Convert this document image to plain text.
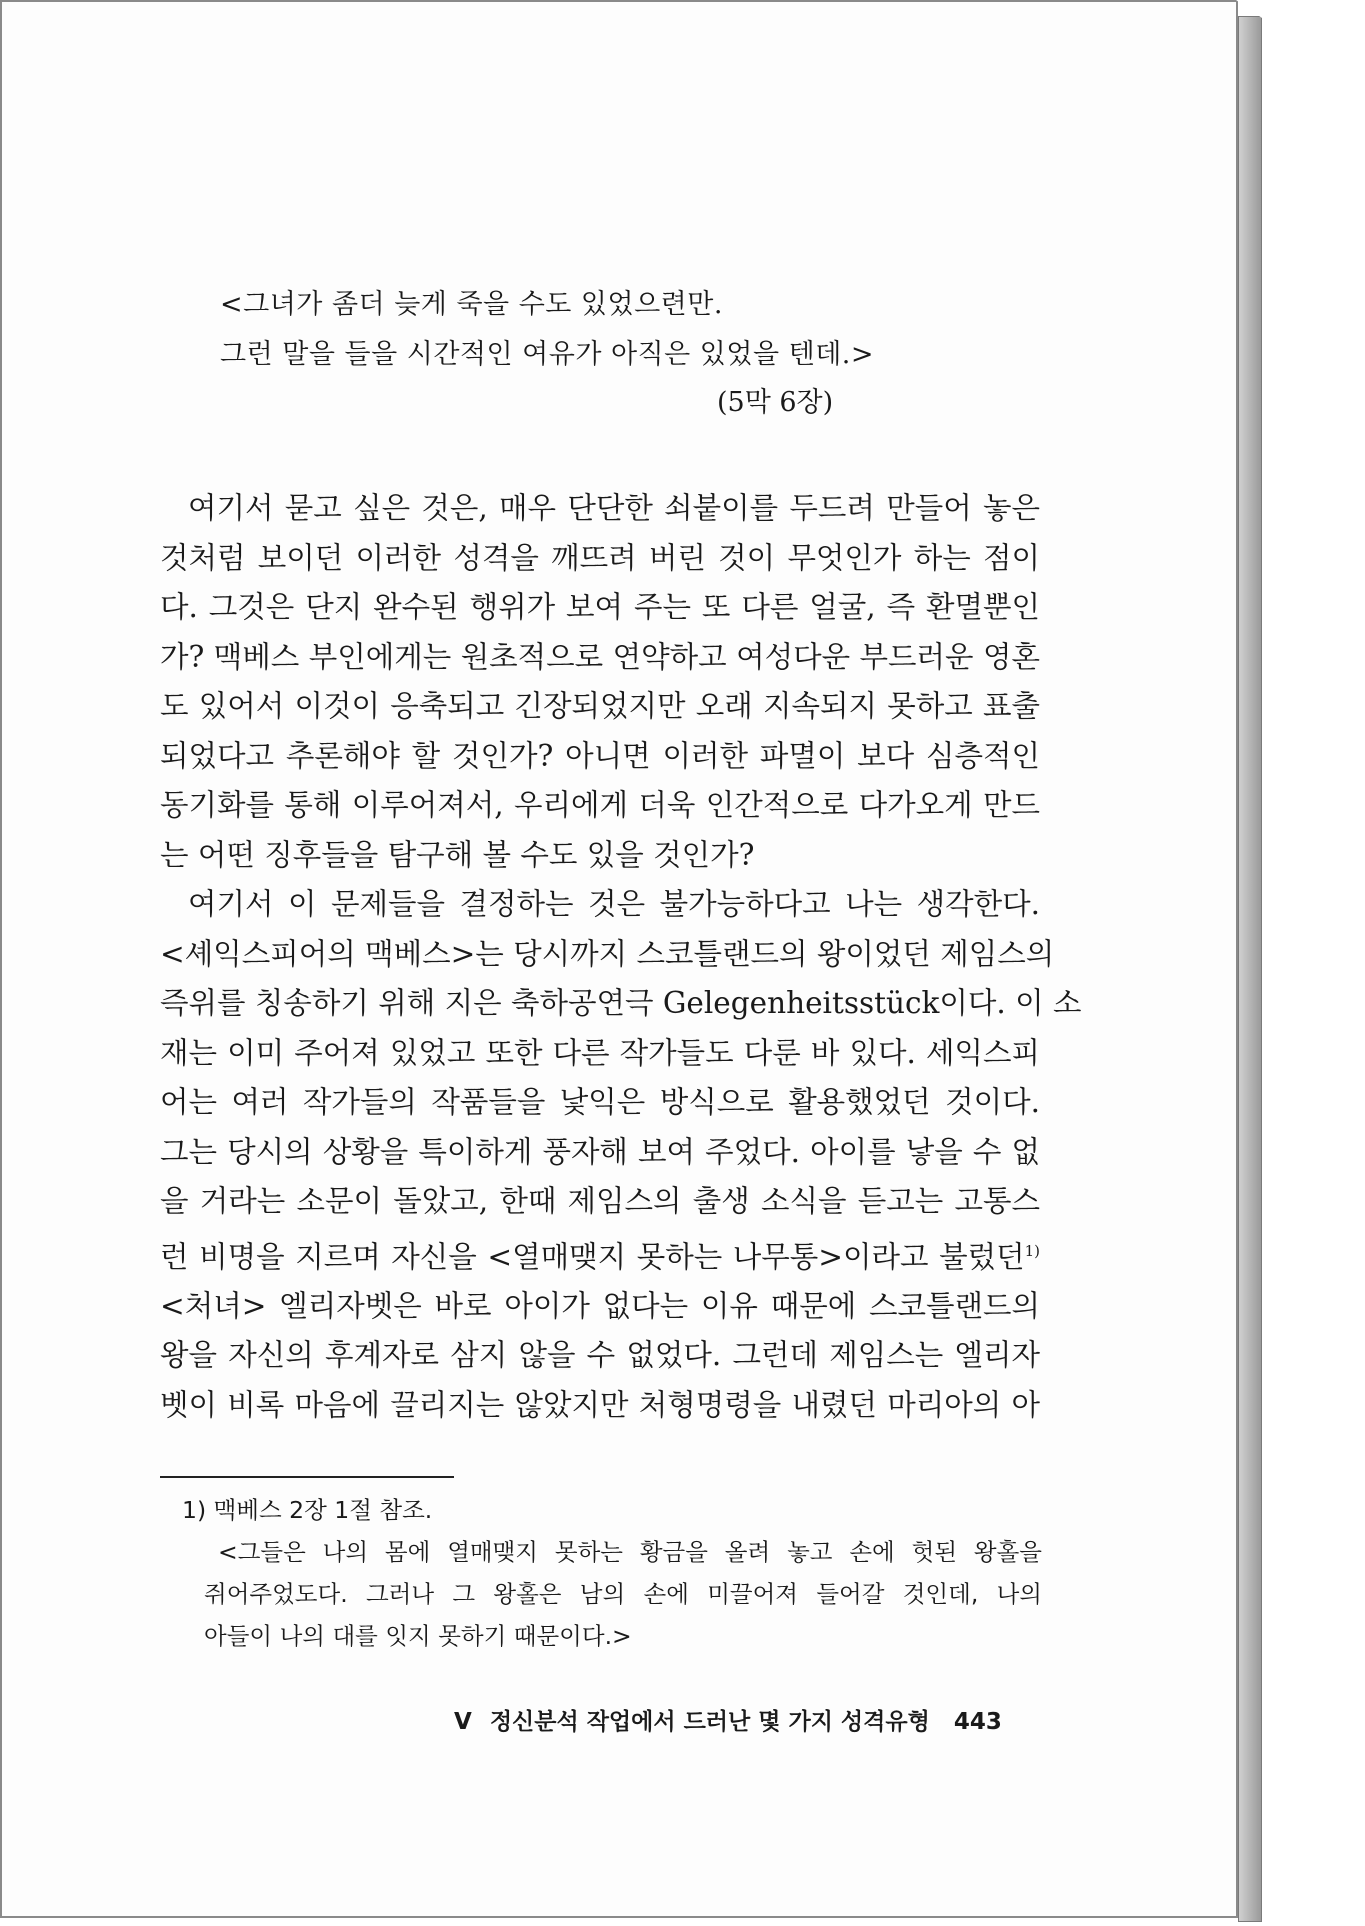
<그녀가 좀더 늦게 죽을 수도 있었으련만.
그런 말을 들을 시간적인 여유가 아직은 있었을 텐데.>
(5막 6장)
여기서 묻고 싶은 것은, 매우 단단한 쇠붙이를 두드려 만들어 놓은
것처럼 보이던 이러한 성격을 깨뜨려 버린 것이 무엇인가 하는 점이
다. 그것은 단지 완수된 행위가 보여 주는 또 다른 얼굴, 즉 환멸뿐인
가? 맥베스 부인에게는 원초적으로 연약하고 여성다운 부드러운 영혼
도 있어서 이것이 응축되고 긴장되었지만 오래 지속되지 못하고 표출
되었다고 추론해야 할 것인가? 아니면 이러한 파멸이 보다 심층적인
동기화를 통해 이루어져서, 우리에게 더욱 인간적으로 다가오게 만드
는 어떤 징후들을 탐구해 볼 수도 있을 것인가?
여기서 이 문제들을 결정하는 것은 불가능하다고 나는 생각한다.
<셰익스피어의 맥베스>는 당시까지 스코틀랜드의 왕이었던 제임스의
즉위를 칭송하기 위해 지은 축하공연극 Gelegenheitsstück이다. 이 소
재는 이미 주어져 있었고 또한 다른 작가들도 다룬 바 있다. 세익스피
어는 여러 작가들의 작품들을 낯익은 방식으로 활용했었던 것이다.
그는 당시의 상황을 특이하게 풍자해 보여 주었다. 아이를 낳을 수 없
을 거라는 소문이 돌았고, 한때 제임스의 출생 소식을 듣고는 고통스
런 비명을 지르며 자신을 <열매맺지 못하는 나무통>이라고 불렀던$^{1)}$
<처녀> 엘리자벳은 바로 아이가 없다는 이유 때문에 스코틀랜드의
왕을 자신의 후계자로 삼지 않을 수 없었다. 그런데 제임스는 엘리자
벳이 비록 마음에 끌리지는 않았지만 처형명령을 내렸던 마리아의 아
1) 맥베스 2장 1절 참조.
<그들은 나의 몸에 열매맺지 못하는 황금을 올려 놓고 손에 헛된 왕홀을
쥐어주었도다. 그러나 그 왕홀은 남의 손에 미끌어져 들어갈 것인데, 나의
아들이 나의 대를 잇지 못하기 때문이다.>
V 정신분석 작업에서 드러난 몇 가지 성격유형 443
